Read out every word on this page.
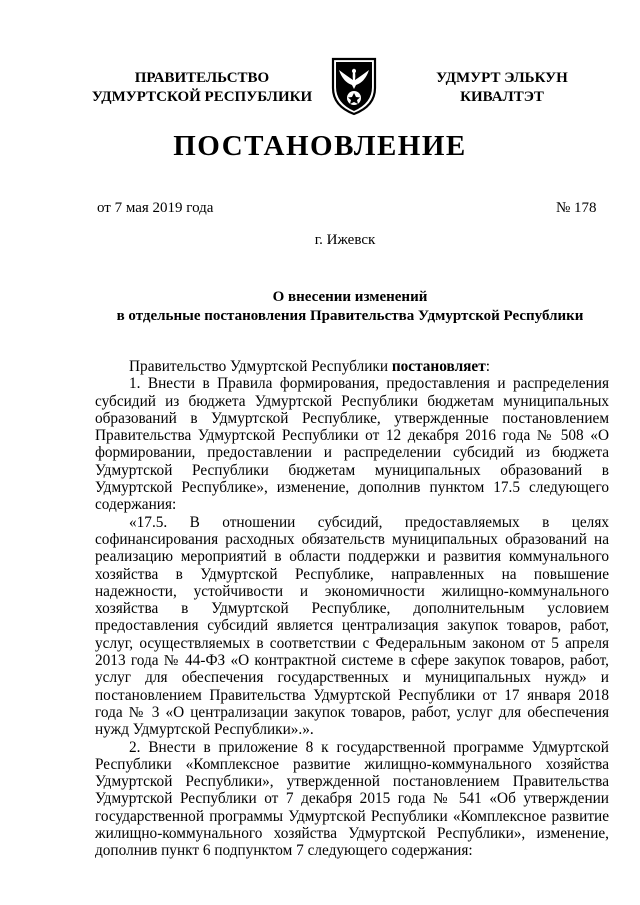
ПРАВИТЕЛЬСТВО
УДМУРТСКОЙ РЕСПУБЛИКИ
УДМУРТ ЭЛЬКУН
КИВАЛТЭТ
ПОСТАНОВЛЕНИЕ
от 7 мая 2019 года	№ 178
г. Ижевск
О внесении изменений
в отдельные постановления Правительства Удмуртской Республики

Правительство Удмуртской Республики постановляет:

1. Внести в Правила формирования, предоставления и распределения субсидий из бюджета Удмуртской Республики бюджетам муниципальных образований в Удмуртской Республике, утвержденные постановлением Правительства Удмуртской Республики от 12 декабря 2016 года № 508 «О формировании, предоставлении и распределении субсидий из бюджета Удмуртской Республики бюджетам муниципальных образований в Удмуртской Республике», изменение, дополнив пунктом 17.5 следующего содержания:

«17.5. В отношении субсидий, предоставляемых в целях софинансирования расходных обязательств муниципальных образований на реализацию мероприятий в области поддержки и развития коммунального хозяйства в Удмуртской Республике, направленных на повышение надежности, устойчивости и экономичности жилищно-коммунального хозяйства в Удмуртской Республике, дополнительным условием предоставления субсидий является централизация закупок товаров, работ, услуг, осуществляемых в соответствии с Федеральным законом от 5 апреля 2013 года № 44-ФЗ «О контрактной системе в сфере закупок товаров, работ, услуг для обеспечения государственных и муниципальных нужд» и постановлением Правительства Удмуртской Республики от 17 января 2018 года № 3 «О централизации закупок товаров, работ, услуг для обеспечения нужд Удмуртской Республики».».

2. Внести в приложение 8 к государственной программе Удмуртской Республики «Комплексное развитие жилищно-коммунального хозяйства Удмуртской Республики», утвержденной постановлением Правительства Удмуртской Республики от 7 декабря 2015 года № 541 «Об утверждении государственной программы Удмуртской Республики «Комплексное развитие жилищно-коммунального хозяйства Удмуртской Республики», изменение, дополнив пункт 6 подпунктом 7 следующего содержания:
